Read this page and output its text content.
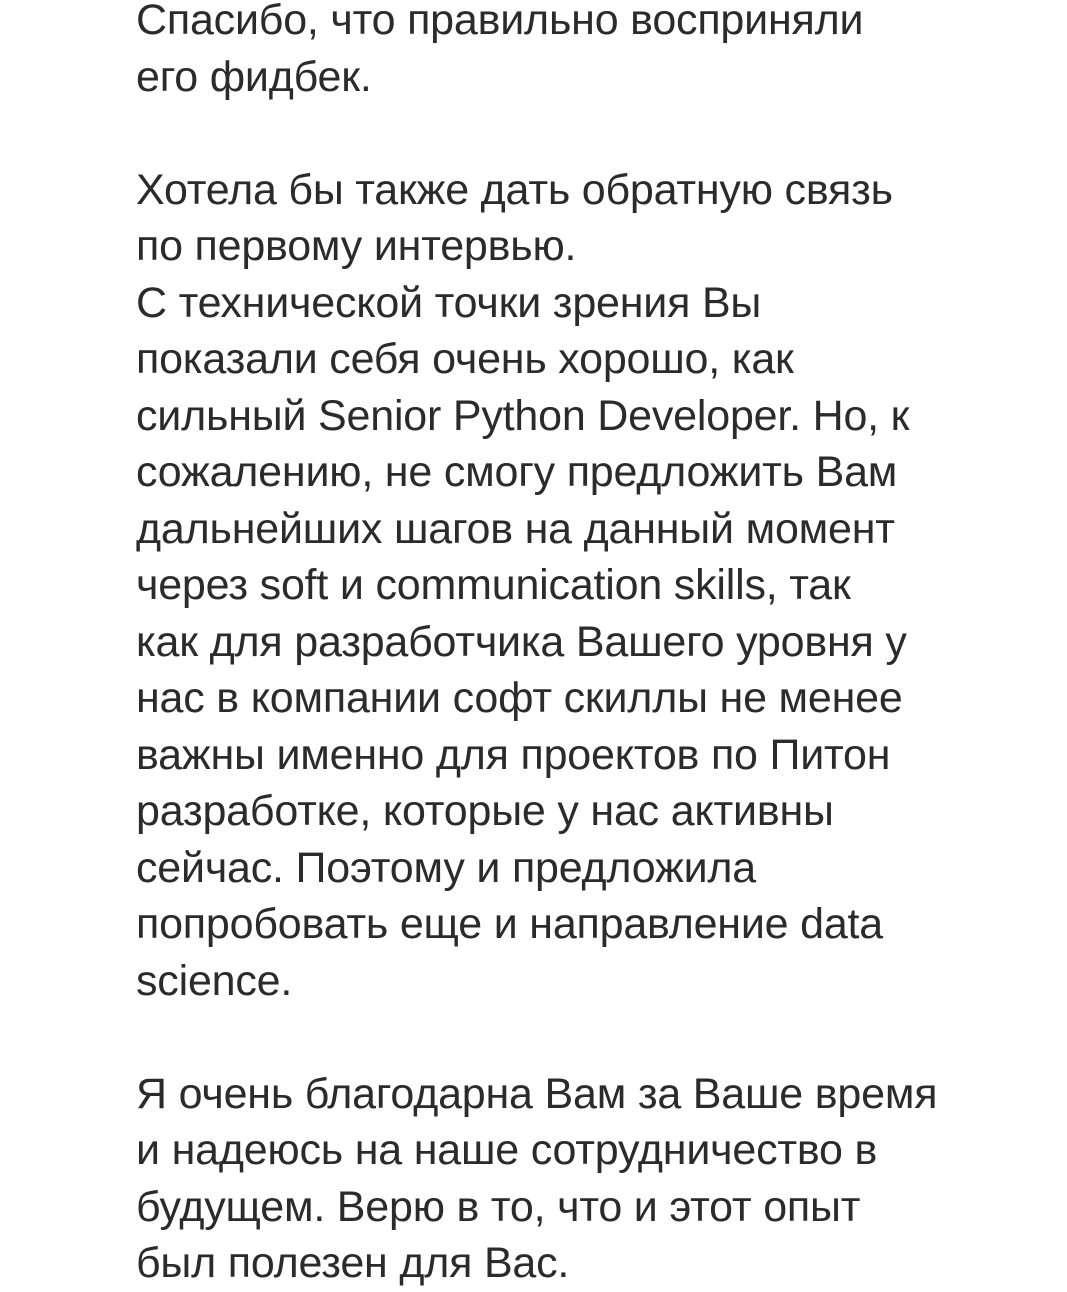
Спасибо, что правильно восприняли
его фидбек.
Хотела бы также дать обратную связь
по первому интервью.
С технической точки зрения Вы
показали себя очень хорошо, как
сильный Senior Python Developer. Но, к
сожалению, не смогу предложить Вам
дальнейших шагов на данный момент
через soft и communication skills, так
как для разработчика Вашего уровня у
нас в компании софт скиллы не менее
важны именно для проектов по Питон
разработке, которые у нас активны
сейчас. Поэтому и предложила
попробовать еще и направление data
science.
Я очень благодарна Вам за Ваше время
и надеюсь на наше сотрудничество в
будущем. Верю в то, что и этот опыт
был полезен для Вас.
